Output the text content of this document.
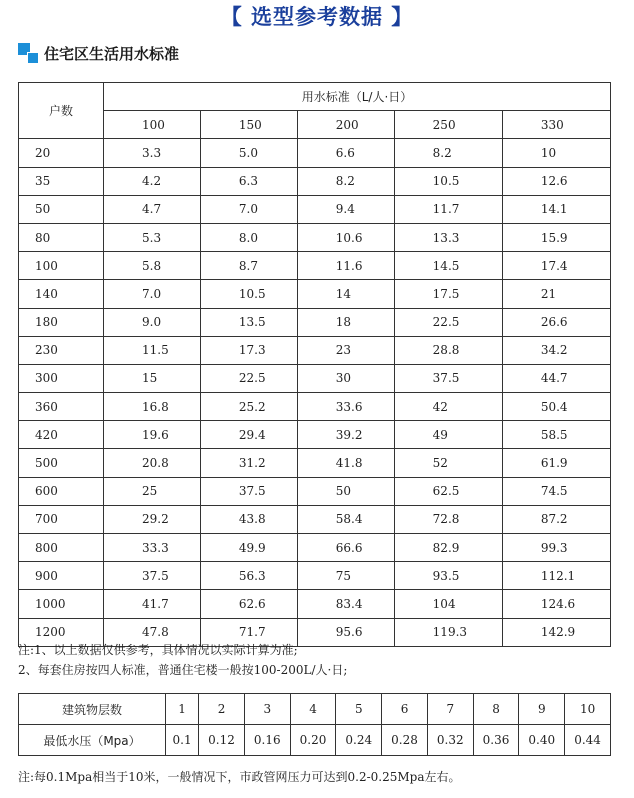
【 选型参考数据 】
住宅区生活用水标准
户数	用水标准（L/人·日）				
	100	150	200	250	330
20	3.3	5.0	6.6	8.2	10
35	4.2	6.3	8.2	10.5	12.6
50	4.7	7.0	9.4	11.7	14.1
80	5.3	8.0	10.6	13.3	15.9
100	5.8	8.7	11.6	14.5	17.4
140	7.0	10.5	14	17.5	21
180	9.0	13.5	18	22.5	26.6
230	11.5	17.3	23	28.8	34.2
300	15	22.5	30	37.5	44.7
360	16.8	25.2	33.6	42	50.4
420	19.6	29.4	39.2	49	58.5
500	20.8	31.2	41.8	52	61.9
600	25	37.5	50	62.5	74.5
700	29.2	43.8	58.4	72.8	87.2
800	33.3	49.9	66.6	82.9	99.3
900	37.5	56.3	75	93.5	112.1
1000	41.7	62.6	83.4	104	124.6
1200	47.8	71.7	95.6	119.3	142.9
注:1、以上数据仅供参考，具体情况以实际计算为准;
2、每套住房按四人标准，普通住宅楼一般按100-200L/人·日;
建筑物层数	1	2	3	4	5	6	7	8	9	10
最低水压（Mpa）	0.1	0.12	0.16	0.20	0.24	0.28	0.32	0.36	0.40	0.44
注:每0.1Mpa相当于10米，一般情况下，市政管网压力可达到0.2-0.25Mpa左右。
